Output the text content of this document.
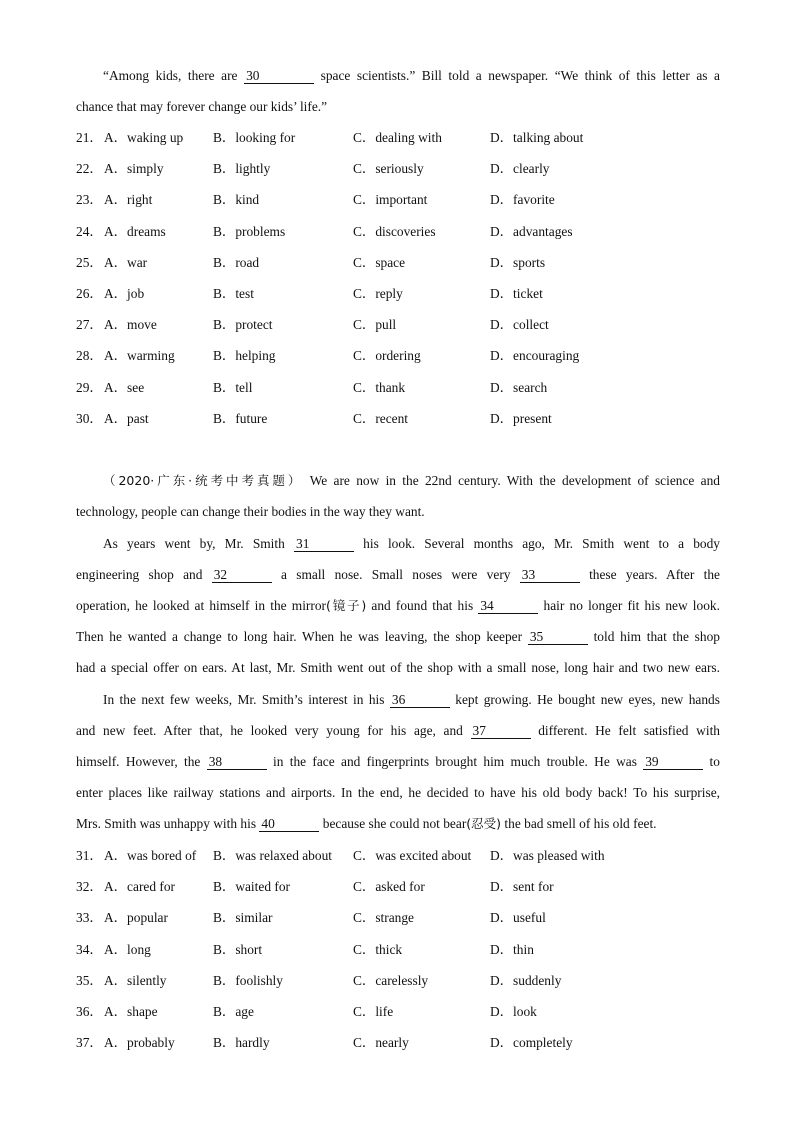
“Among kids, there are 30	space scientists.” Bill told a newspaper. “We think of this letter as a
chance that may forever change our kids’ life.”
21． A．waking up B．looking for	C．dealing with	D．talking about
22． A．simply	B．lightly	C．seriously	D．clearly
23． A．right	B．kind	C．important	D．favorite
24． A．dreams	B．problems	C．discoveries	D．advantages
25． A．war	B．road	C．space	D．sports
26． A．job	B．test	C．reply	D．ticket
27． A．move	B．protect	C．pull	D．collect
28． A．warming	B．helping	C．ordering	D．encouraging
29． A．see	B．tell	C．thank	D．search
30． A．past	B．future	C．recent	D．present
（2020·广东·统考中考真题） We are now in the 22nd century. With the development of science and
technology, people can change their bodies in the way they want.
As years went by, Mr. Smith 31	his look. Several months ago, Mr. Smith went to a body
engineering shop and 32	a small nose. Small noses were very 33	these years. After the
operation, he looked at himself in the mirror(镜子) and found that his 34	hair no longer fit his new look.
Then he wanted a change to long hair. When he was leaving, the shop keeper 35	told him that the shop
had a special offer on ears. At last, Mr. Smith went out of the shop with a small nose, long hair and two new ears.
In the next few weeks, Mr. Smith’s interest in his 36	kept growing. He bought new eyes, new hands
and new feet. After that, he looked very young for his age, and 37	different. He felt satisfied with
himself. However, the 38	in the face and fingerprints brought him much trouble. He was 39	to
enter places like railway stations and airports. In the end, he decided to have his old body back! To his surprise,
Mrs. Smith was unhappy with his 40	because she could not bear(忍受) the bad smell of his old feet.
31． A．was bored of B．was relaxed about C．was excited about D．was pleased with
32． A．cared for	B．waited for	C．asked for	D．sent for
33． A．popular	B．similar	C．strange	D．useful
34． A．long	B．short	C．thick	D．thin
35． A．silently	B．foolishly	C．carelessly	D．suddenly
36． A．shape	B．age	C．life	D．look
37． A．probably	B．hardly	C．nearly	D．completely
